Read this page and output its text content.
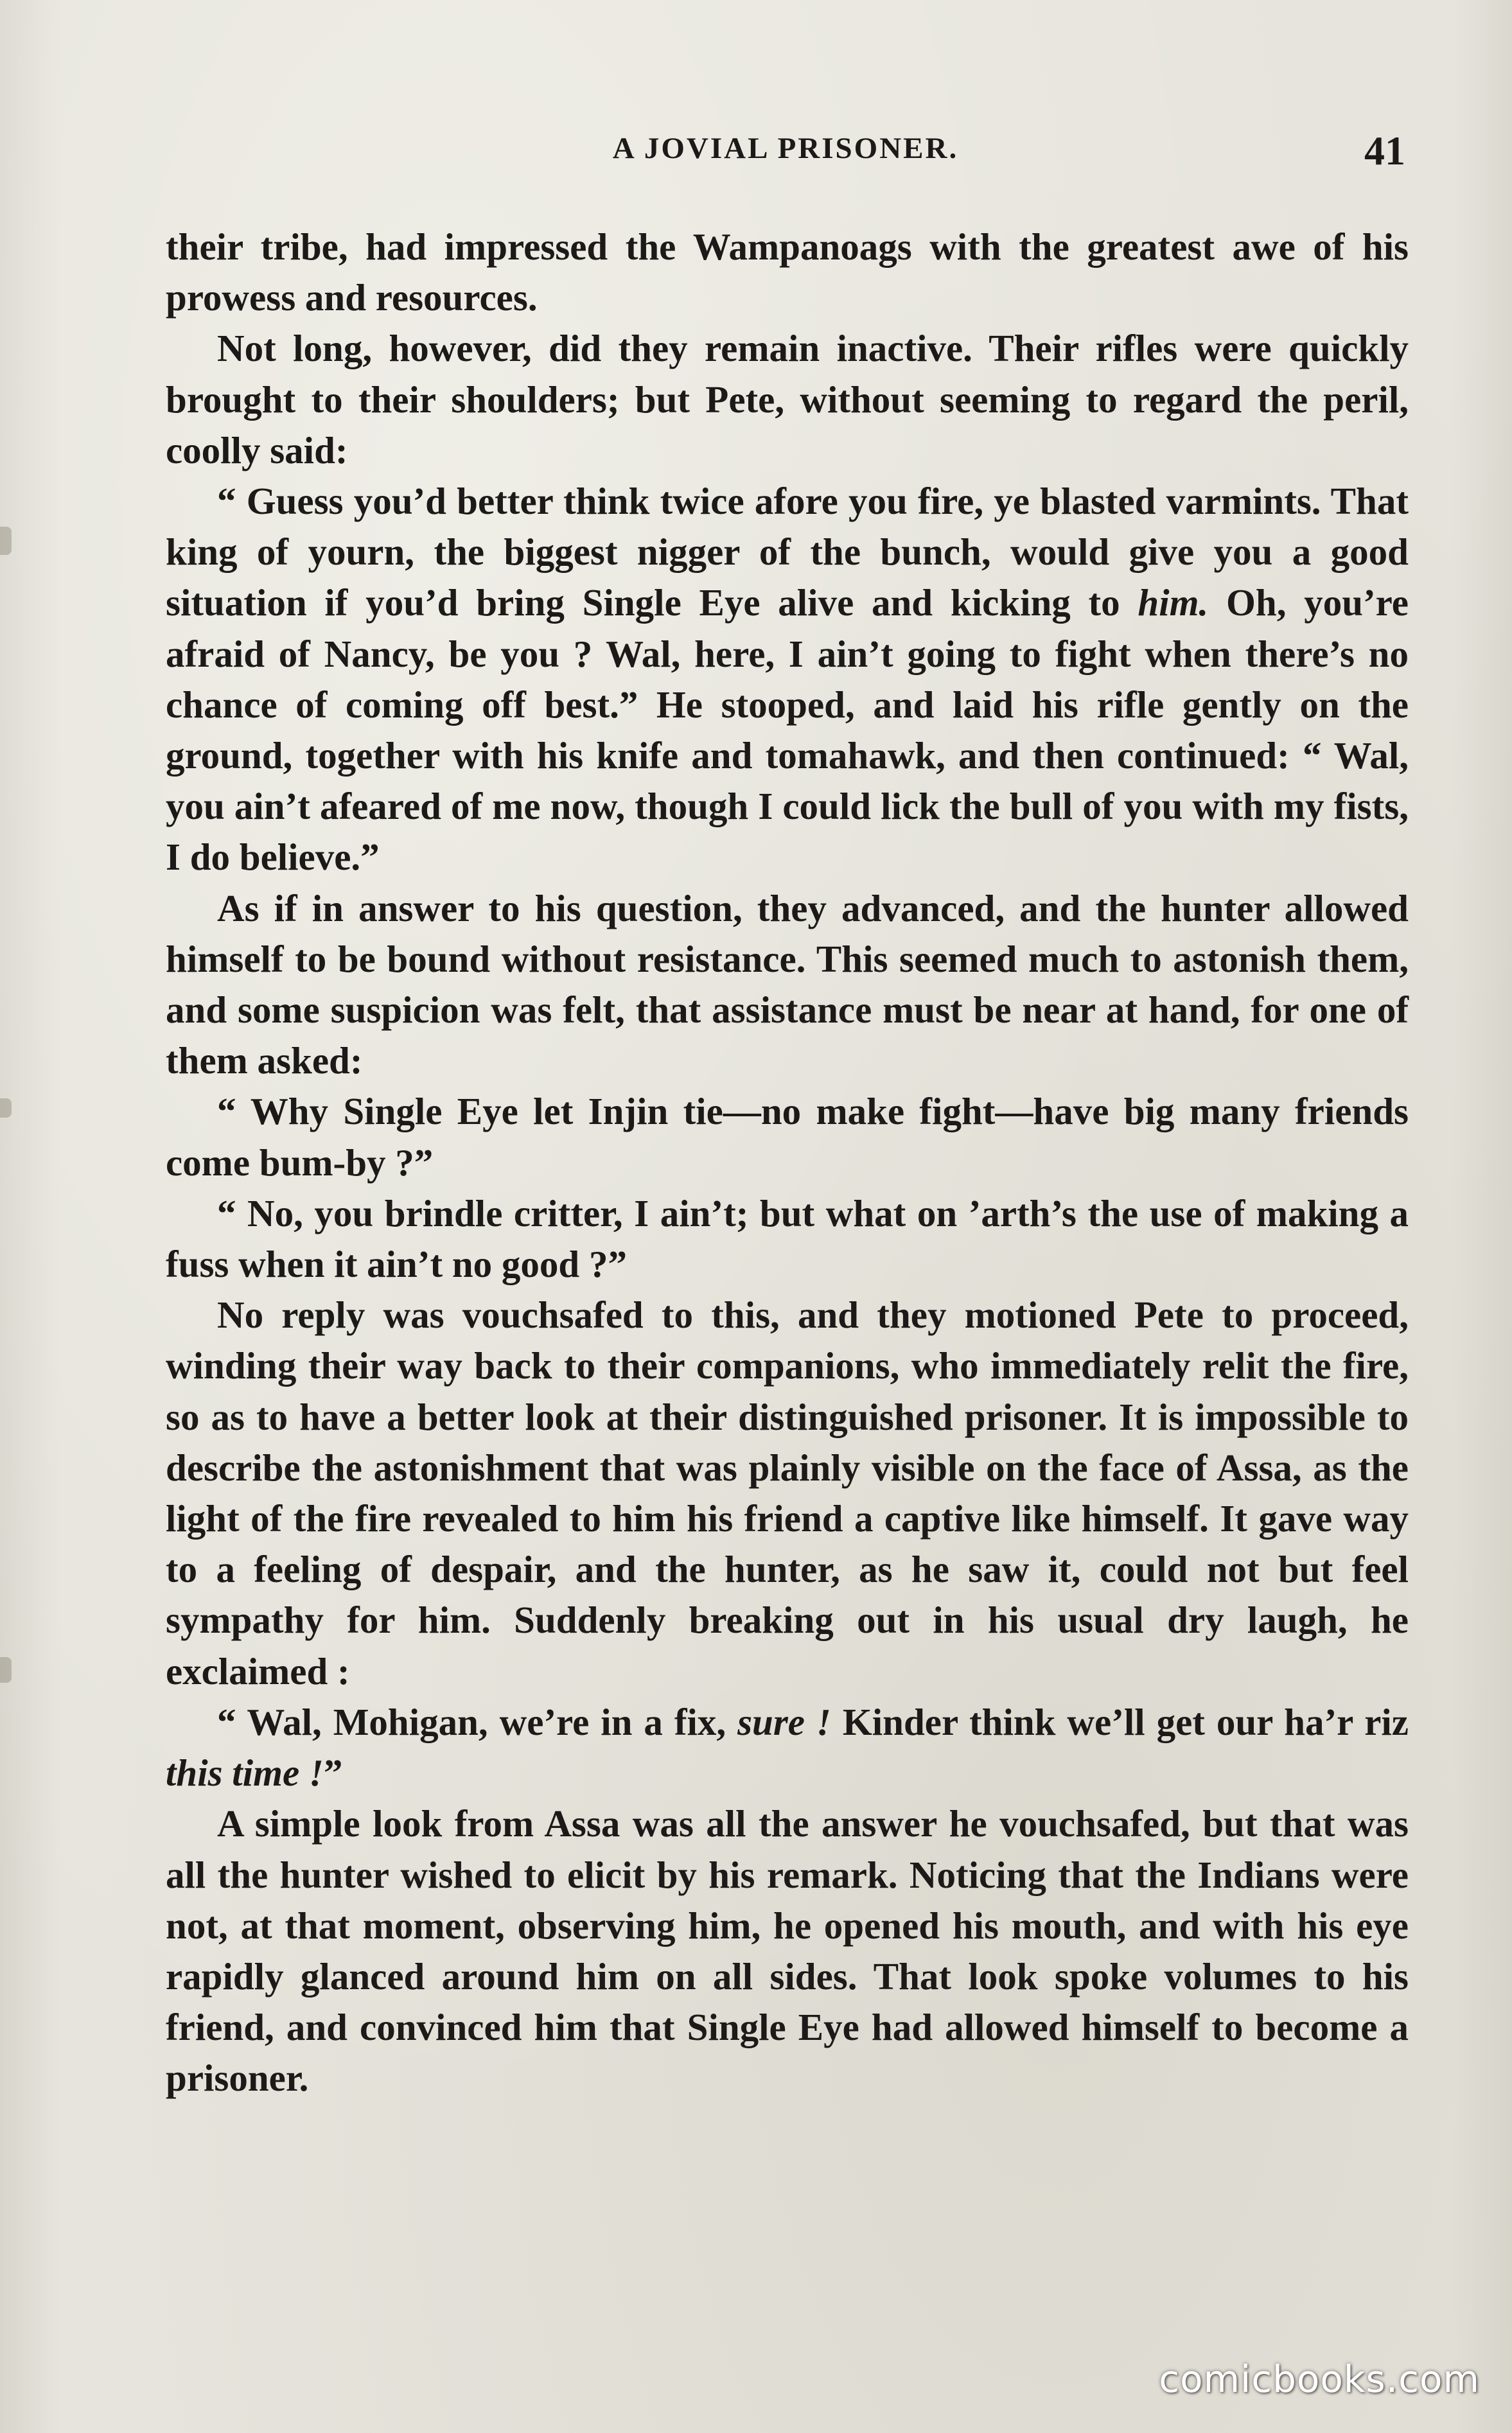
A JOVIAL PRISONER.	41

their tribe, had impressed the Wampanoags with the greatest awe of his prowess and resources.

Not long, however, did they remain inactive. Their rifles were quickly brought to their shoulders; but Pete, without seeming to regard the peril, coolly said:

“ Guess you’d better think twice afore you fire, ye blasted varmints. That king of yourn, the biggest nigger of the bunch, would give you a good situation if you’d bring Single Eye alive and kicking to him. Oh, you’re afraid of Nancy, be you ? Wal, here, I ain’t going to fight when there’s no chance of coming off best.” He stooped, and laid his rifle gently on the ground, together with his knife and tomahawk, and then continued: “ Wal, you ain’t afeared of me now, though I could lick the bull of you with my fists, I do believe.”

As if in answer to his question, they advanced, and the hunter allowed himself to be bound without resistance. This seemed much to astonish them, and some suspicion was felt, that assistance must be near at hand, for one of them asked:

“ Why Single Eye let Injin tie—no make fight—have big many friends come bum-by ?”

“ No, you brindle critter, I ain’t; but what on ’arth’s the use of making a fuss when it ain’t no good ?”

No reply was vouchsafed to this, and they motioned Pete to proceed, winding their way back to their companions, who immediately relit the fire, so as to have a better look at their distinguished prisoner. It is impossible to describe the astonishment that was plainly visible on the face of Assa, as the light of the fire revealed to him his friend a captive like himself. It gave way to a feeling of despair, and the hunter, as he saw it, could not but feel sympathy for him. Suddenly breaking out in his usual dry laugh, he exclaimed :

“ Wal, Mohigan, we’re in a fix, sure ! Kinder think we’ll get our ha’r riz this time !”

A simple look from Assa was all the answer he vouchsafed, but that was all the hunter wished to elicit by his remark. Noticing that the Indians were not, at that moment, observing him, he opened his mouth, and with his eye rapidly glanced around him on all sides. That look spoke volumes to his friend, and convinced him that Single Eye had allowed himself to become a prisoner.

comicbooks.com
